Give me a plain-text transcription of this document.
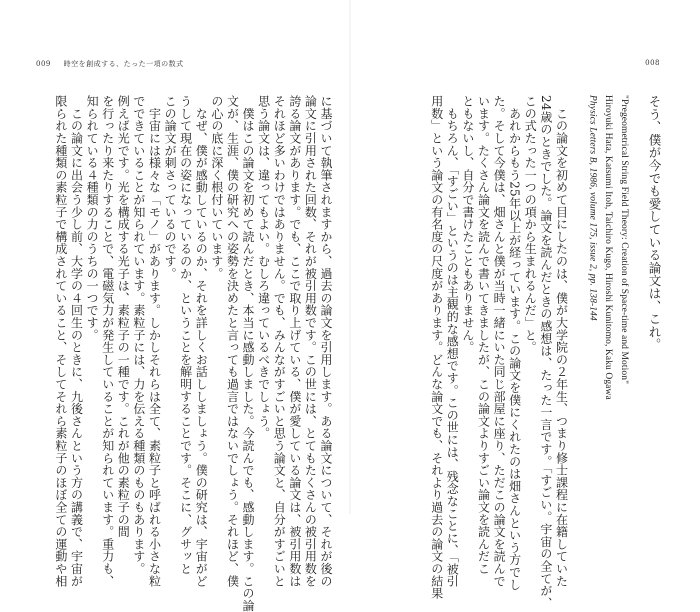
009 時空を創成する、たった一項の数式	008

そう、僕が今でも愛している論文は、これ。

"Pregeometrical String Field Theory: Creation of Space-time and Motion"

Hiroyuki Hata, Katsumi Itoh, Taichiro Kugo, Hiroshi Kunitomo, Kaku Ogawa

Physics Letters B, 1986, volume 175, issue 2, pp. 138-144

　この論文を初めて目にしたのは、僕が大学院の２年生、つまり修士課程に在籍していた

24歳のときでした。論文を読んだときの感想は、たった一言です。「すごい。宇宙の全てが、

この式たった一つの項から生まれるんだ」と。

　あれからもう25年以上が経っています。この論文を僕にくれたのは畑さんという方でし

た。そして今僕は、畑さんと僕が当時一緒にいた同じ部屋に座り、ただこの論文を読んで

います。たくさん論文を読んで書いてきましたが、この論文よりすごい論文を読んだこ

ともないし、自分で書けたこともありません。

　もちろん、「すごい」というのは主観的な感想です。この世には、残念なことに、「被引

用数」という論文の有名度の尺度があります。どんな論文でも、それより過去の論文の結果

に基づいて執筆されますから、過去の論文を引用します。ある論文について、それが後の

論文に引用された回数、それが被引用数です。この世には、とてもたくさんの被引用数を

誇る論文があります。でも、ここで取り上げている、僕が愛している論文は、被引用数は

それほど多いわけではありません。でも、みんながすごいと思う論文と、自分がすごいと

思う論文は、違ってもよい。むしろ違っているべきでしょう。

　僕はこの論文を初めて読んだとき、本当に感動しました。今読んでも、感動します。この論

文が、生涯、僕の研究への姿勢を決めたと言っても過言ではないでしょう。それほど、僕

の心の底に深く根付いています。

　なぜ、僕が感動しているのか、それを詳しくお話ししましょう。僕の研究は、宇宙がど

うして現在の姿になっているのか、ということを解明することです。そこに、グサッと

この論文が刺さっているのです。

　宇宙には様々な「モノ」があります。しかしそれらは全て、素粒子と呼ばれる小さな粒

でできていることが知られています。素粒子には、力を伝える種類のものもあります。

例えば光です。光を構成する光子は、素粒子の一種です。これが他の素粒子の間

を行ったり来たりすることで、電磁気力が発生していることが知られています。重力も、

知られている４種類の力のうちの一つです。

　この論文に出会う少し前、大学の４回生のときに、九後さんという方の講義で、宇宙が

限られた種類の素粒子で構成されていること、そしてそれら素粒子のほぼ全ての運動や相
